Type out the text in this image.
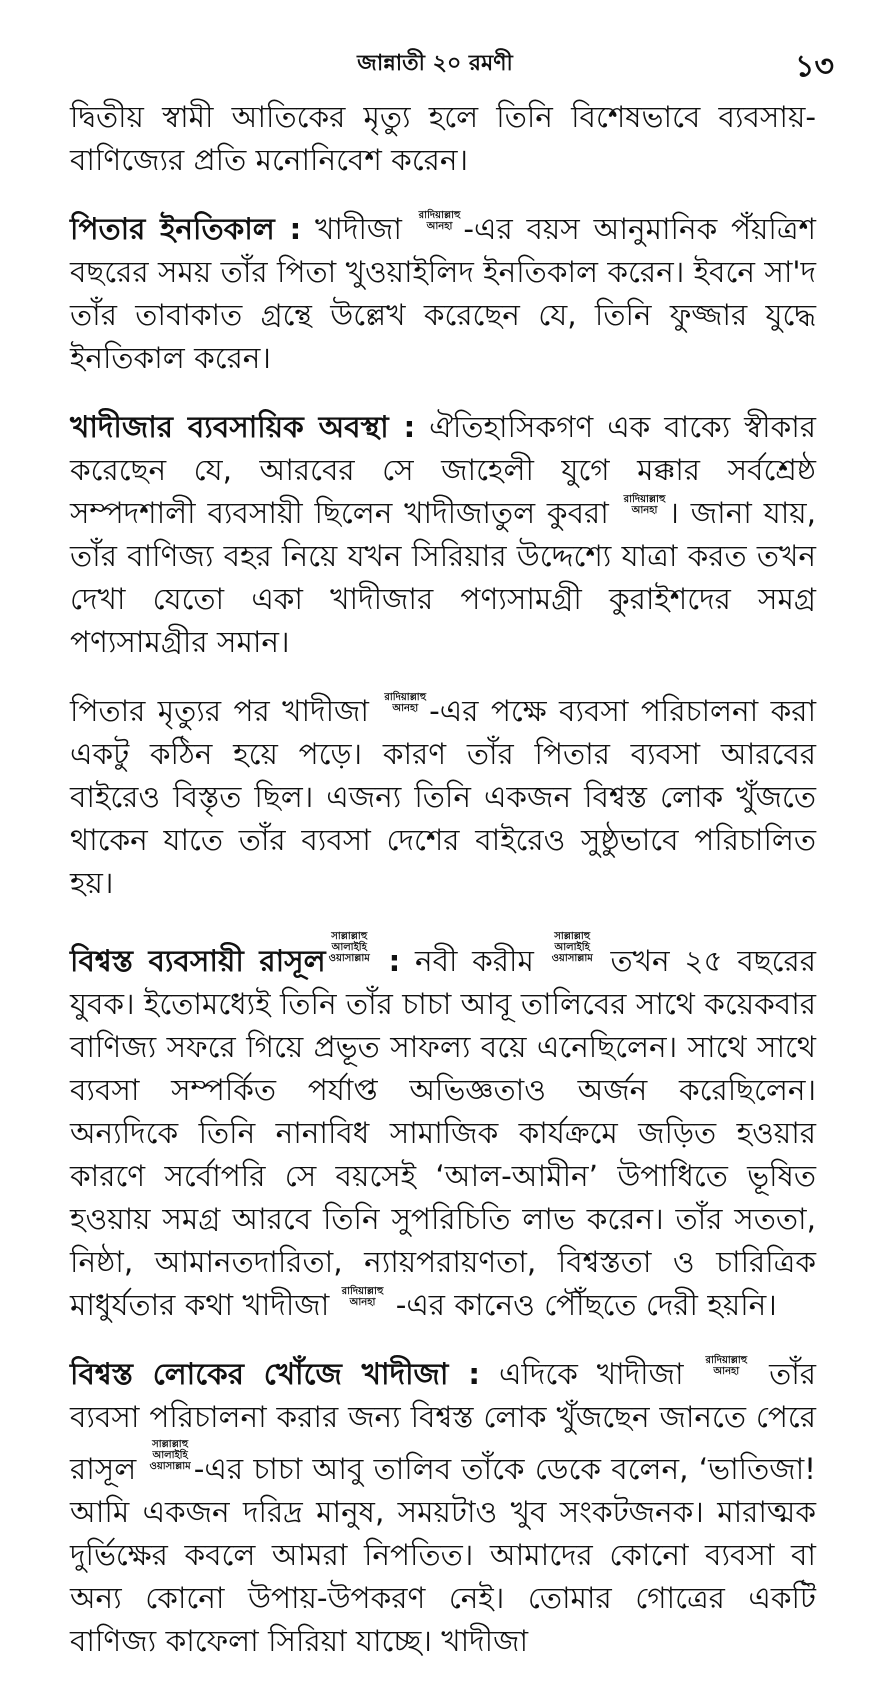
জান্নাতী ২০ রমণী	১৩

দ্বিতীয় স্বামী আতিকের মৃত্যু হলে তিনি বিশেষভাবে ব্যবসায়-বাণিজ্যের প্রতি মনোনিবেশ করেন।

পিতার ইনতিকাল : খাদীজা রাদিয়াল্লাহু
আনহা -এর বয়স আনুমানিক পঁয়ত্রিশ বছরের সময় তাঁর পিতা খুওয়াইলিদ ইনতিকাল করেন। ইবনে সা'দ তাঁর তাবাকাত গ্রন্থে উল্লেখ করেছেন যে, তিনি ফুজ্জার যুদ্ধে ইনতিকাল করেন।

খাদীজার ব্যবসায়িক অবস্থা : ঐতিহাসিকগণ এক বাক্যে স্বীকার করেছেন যে, আরবের সে জাহেলী যুগে মক্কার সর্বশ্রেষ্ঠ সম্পদশালী ব্যবসায়ী ছিলেন খাদীজাতুল কুবরা রাদিয়াল্লাহু
আনহা । জানা যায়, তাঁর বাণিজ্য বহর নিয়ে যখন সিরিয়ার উদ্দেশ্যে যাত্রা করত তখন দেখা যেতো একা খাদীজার পণ্যসামগ্রী কুরাইশদের সমগ্র পণ্যসামগ্রীর সমান।

পিতার মৃত্যুর পর খাদীজা রাদিয়াল্লাহু
আনহা -এর পক্ষে ব্যবসা পরিচালনা করা একটু কঠিন হয়ে পড়ে। কারণ তাঁর পিতার ব্যবসা আরবের বাইরেও বিস্তৃত ছিল। এজন্য তিনি একজন বিশ্বস্ত লোক খুঁজতে থাকেন যাতে তাঁর ব্যবসা দেশের বাইরেও সুষ্ঠুভাবে পরিচালিত হয়।

বিশ্বস্ত ব্যবসায়ী রাসূল
সাল্লাল্লাহু
আলাইহি
ওয়াসাল্লাম : নবী করীম
সাল্লাল্লাহু
আলাইহি
ওয়াসাল্লাম তখন ২৫ বছরের যুবক। ইতোমধ্যেই তিনি তাঁর চাচা আবূ তালিবের সাথে কয়েকবার বাণিজ্য সফরে গিয়ে প্রভূত সাফল্য বয়ে এনেছিলেন। সাথে সাথে ব্যবসা সম্পর্কিত পর্যাপ্ত অভিজ্ঞতাও অর্জন করেছিলেন। অন্যদিকে তিনি নানাবিধ সামাজিক কার্যক্রমে জড়িত হওয়ার কারণে সর্বোপরি সে বয়সেই ‘আল-আমীন’ উপাধিতে ভূষিত হওয়ায় সমগ্র আরবে তিনি সুপরিচিতি লাভ করেন। তাঁর সততা, নিষ্ঠা, আমানতদারিতা, ন্যায়পরায়ণতা, বিশ্বস্ততা ও চারিত্রিক মাধুর্যতার কথা খাদীজা রাদিয়াল্লাহু
আনহা -এর কানেও পৌঁছতে দেরী হয়নি।

বিশ্বস্ত লোকের খোঁজে খাদীজা : এদিকে খাদীজা রাদিয়াল্লাহু
আনহা তাঁর ব্যবসা পরিচালনা করার জন্য বিশ্বস্ত লোক খুঁজছেন জানতে পেরে রাসূল
সাল্লাল্লাহু
আলাইহি
ওয়াসাল্লাম -এর চাচা আবু তালিব তাঁকে ডেকে বলেন, ‘ভাতিজা! আমি একজন দরিদ্র মানুষ, সময়টাও খুব সংকটজনক। মারাত্মক দুর্ভিক্ষের কবলে আমরা নিপতিত। আমাদের কোনো ব্যবসা বা অন্য কোনো উপায়-উপকরণ নেই। তোমার গোত্রের একটি বাণিজ্য কাফেলা সিরিয়া যাচ্ছে। খাদীজা
